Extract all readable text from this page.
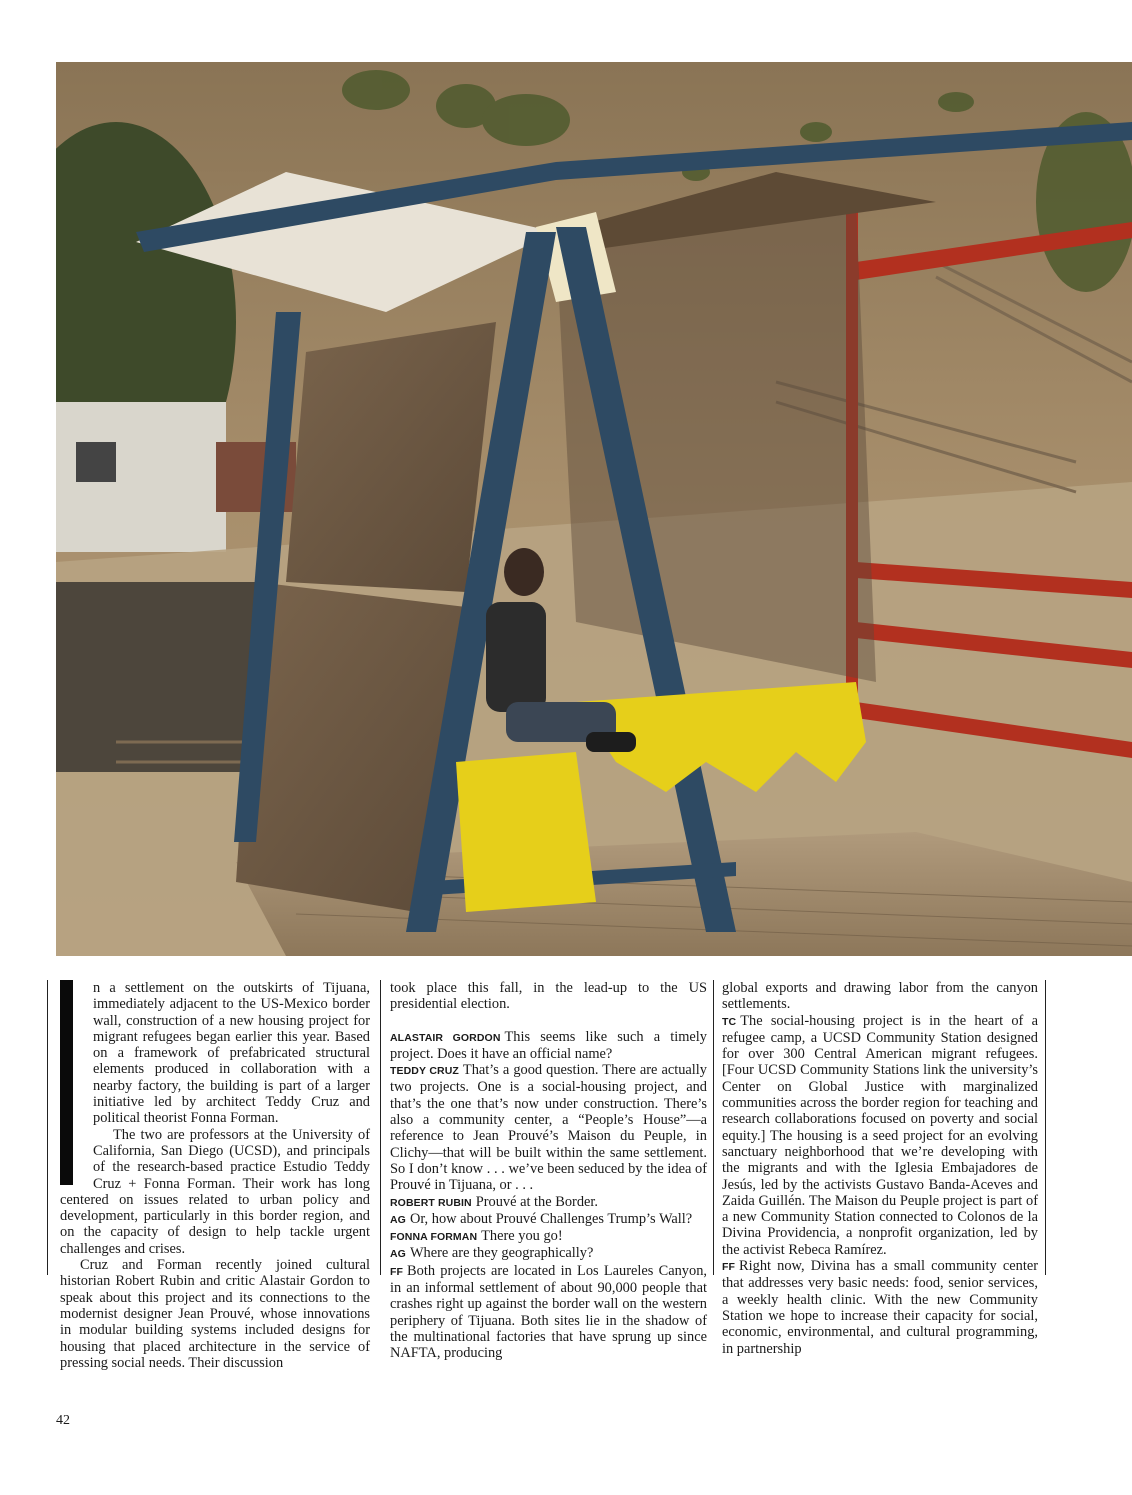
n a settlement on the outskirts of Tijuana, immediately adjacent to the US-Mexico border wall, construction of a new housing project for migrant refugees began earlier this year. Based on a framework of prefabricated structural elements produced in collaboration with a nearby factory, the building is part of a larger initiative led by architect Teddy Cruz and political theorist Fonna Forman.

The two are professors at the University of California, San Diego (UCSD), and principals of the research-based practice Estudio Teddy Cruz + Fonna Forman. Their work has long centered on issues related to urban policy and development, particularly in this border region, and on the capacity of design to help tackle urgent challenges and crises.

Cruz and Forman recently joined cultural historian Robert Rubin and critic Alastair Gordon to speak about this project and its connections to the modernist designer Jean Prouvé, whose innovations in modular building systems included designs for housing that placed architecture in the service of pressing social needs. Their discussion

took place this fall, in the lead-up to the US presidential election.

ALASTAIR GORDON This seems like such a timely project. Does it have an official name?

TEDDY CRUZ That’s a good question. There are actually two projects. One is a social-housing project, and that’s the one that’s now under construction. There’s also a community center, a “People’s House”—a reference to Jean Prouvé’s Maison du Peuple, in Clichy—that will be built within the same settlement. So I don’t know . . . we’ve been seduced by the idea of Prouvé in Tijuana, or . . .

ROBERT RUBIN Prouvé at the Border.

AG Or, how about Prouvé Challenges Trump’s Wall?

FONNA FORMAN There you go!

AG Where are they geographically?

FF Both projects are located in Los Laureles Canyon, in an informal settlement of about 90,000 people that crashes right up against the border wall on the western periphery of Tijuana. Both sites lie in the shadow of the multinational factories that have sprung up since NAFTA, producing

global exports and drawing labor from the canyon settlements.

TC The social-housing project is in the heart of a refugee camp, a UCSD Community Station designed for over 300 Central American migrant refugees. [Four UCSD Community Stations link the university’s Center on Global Justice with marginalized communities across the border region for teaching and research collaborations focused on poverty and social equity.] The housing is a seed project for an evolving sanctuary neighborhood that we’re developing with the migrants and with the Iglesia Embajadores de Jesús, led by the activists Gustavo Banda-Aceves and Zaida Guillén. The Maison du Peuple project is part of a new Community Station connected to Colonos de la Divina Providencia, a nonprofit organization, led by the activist Rebeca Ramírez.

FF Right now, Divina has a small community center that addresses very basic needs: food, senior services, a weekly health clinic. With the new Community Station we hope to increase their capacity for social, economic, environmental, and cultural programming, in partnership

42
